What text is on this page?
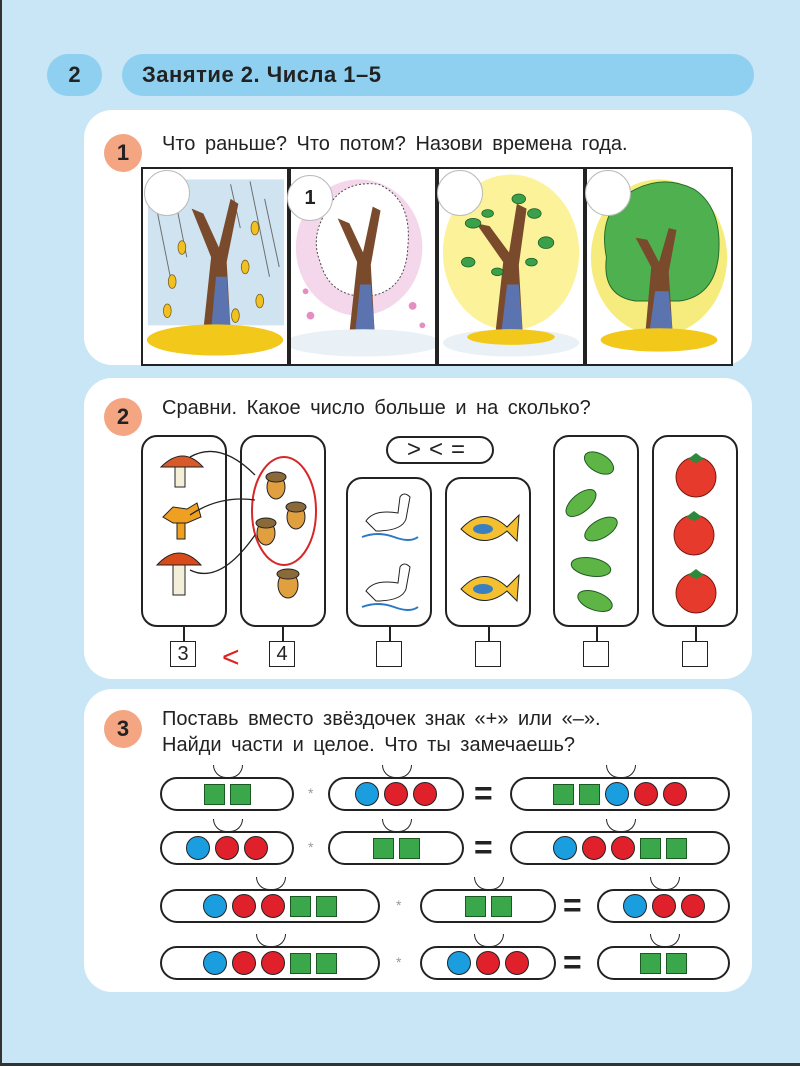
2	Занятие 2. Числа 1–5
1	Что раньше? Что потом? Назови времена года.
1
2	Сравни. Какое число больше и на сколько?
><=
3 <	4
3	Поставь вместо звёздочек знак «+» или «–».
Найди части и целое. Что ты замечаешь?
*	=
*	=
*	=
*	=
